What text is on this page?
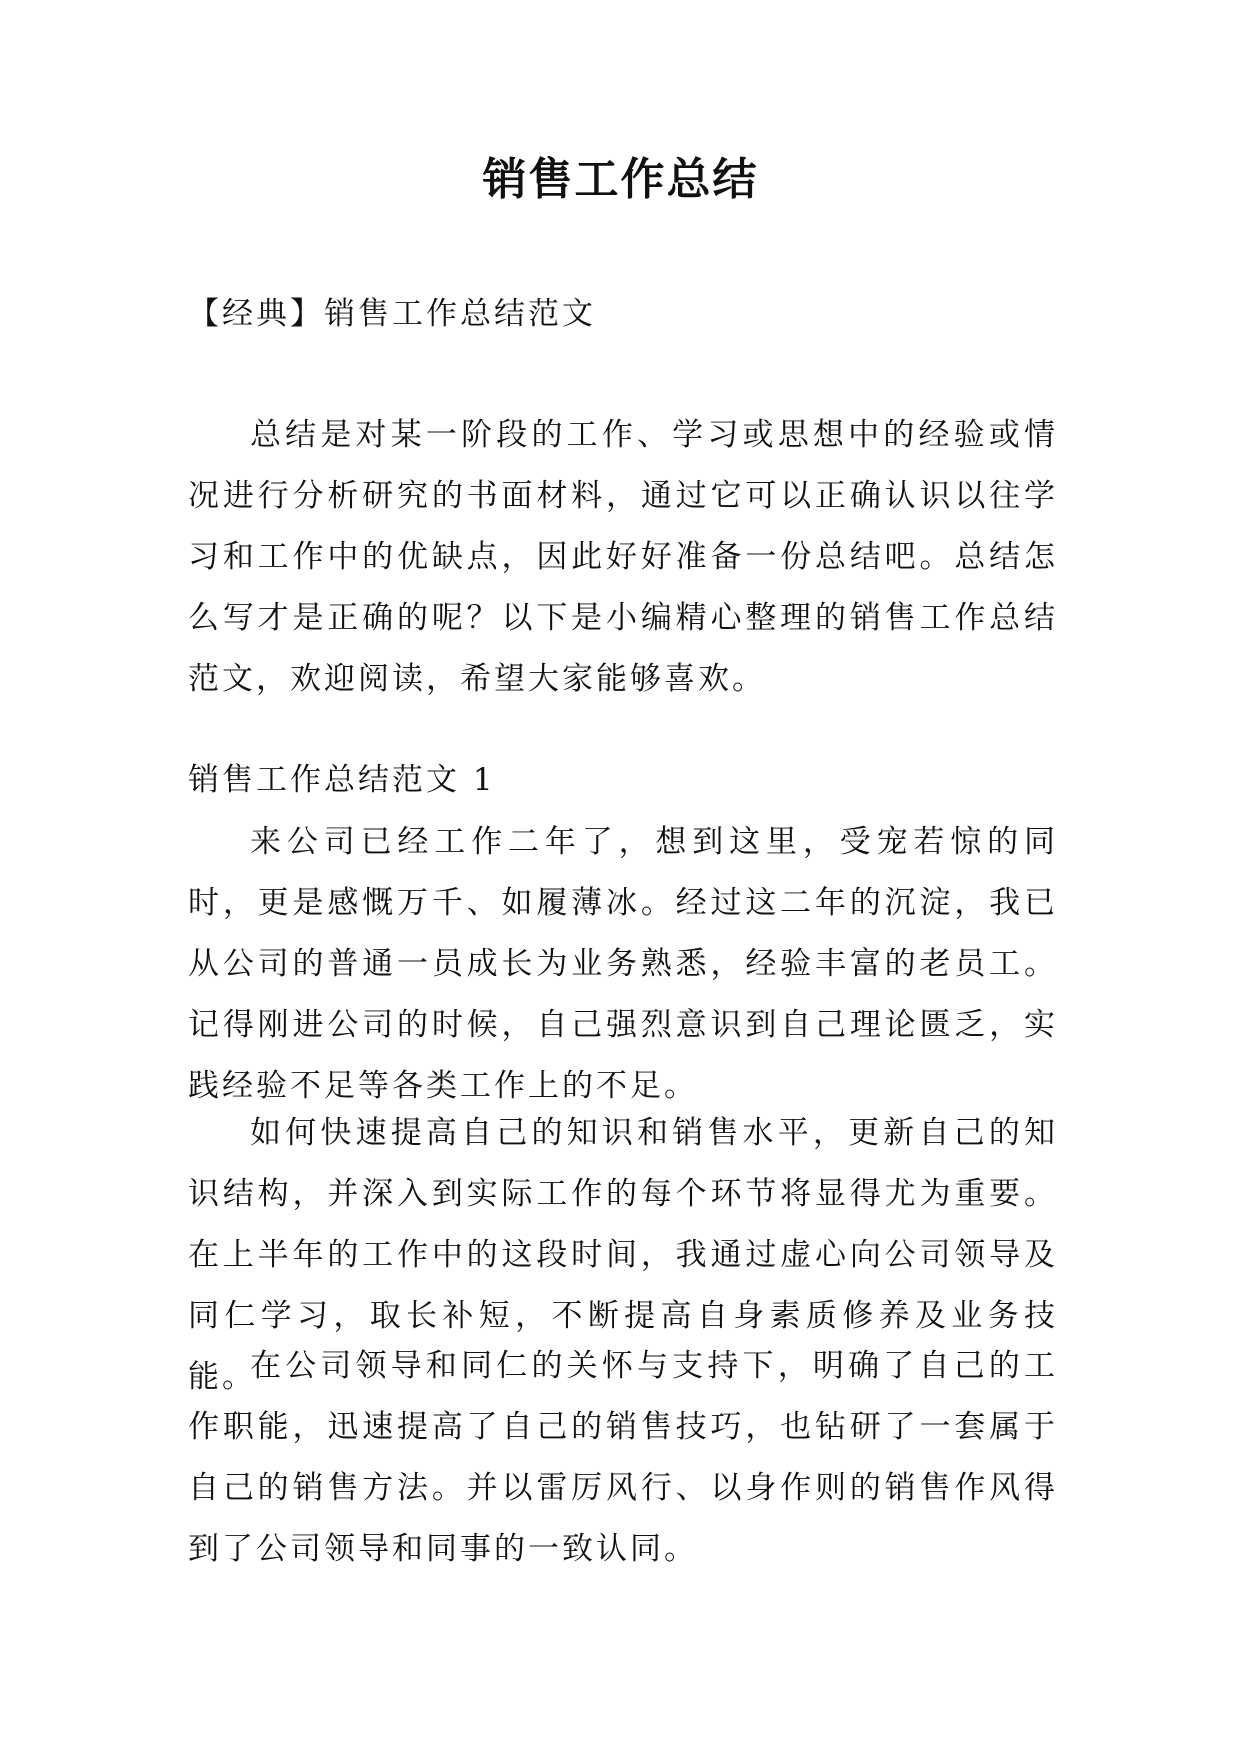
销售工作总结

【经典】销售工作总结范文

总结是对某一阶段的工作、学习或思想中的经验或情况进行分析研究的书面材料，通过它可以正确认识以往学习和工作中的优缺点，因此好好准备一份总结吧。总结怎么写才是正确的呢？以下是小编精心整理的销售工作总结范文，欢迎阅读，希望大家能够喜欢。

销售工作总结范文 1

来公司已经工作二年了，想到这里，受宠若惊的同时，更是感慨万千、如履薄冰。经过这二年的沉淀，我已从公司的普通一员成长为业务熟悉，经验丰富的老员工。记得刚进公司的时候，自己强烈意识到自己理论匮乏，实践经验不足等各类工作上的不足。

如何快速提高自己的知识和销售水平，更新自己的知识结构，并深入到实际工作的每个环节将显得尤为重要。在上半年的工作中的这段时间，我通过虚心向公司领导及同仁学习，取长补短，不断提高自身素质修养及业务技能。

在公司领导和同仁的关怀与支持下，明确了自己的工作职能，迅速提高了自己的销售技巧，也钻研了一套属于自己的销售方法。并以雷厉风行、以身作则的销售作风得到了公司领导和同事的一致认同。
